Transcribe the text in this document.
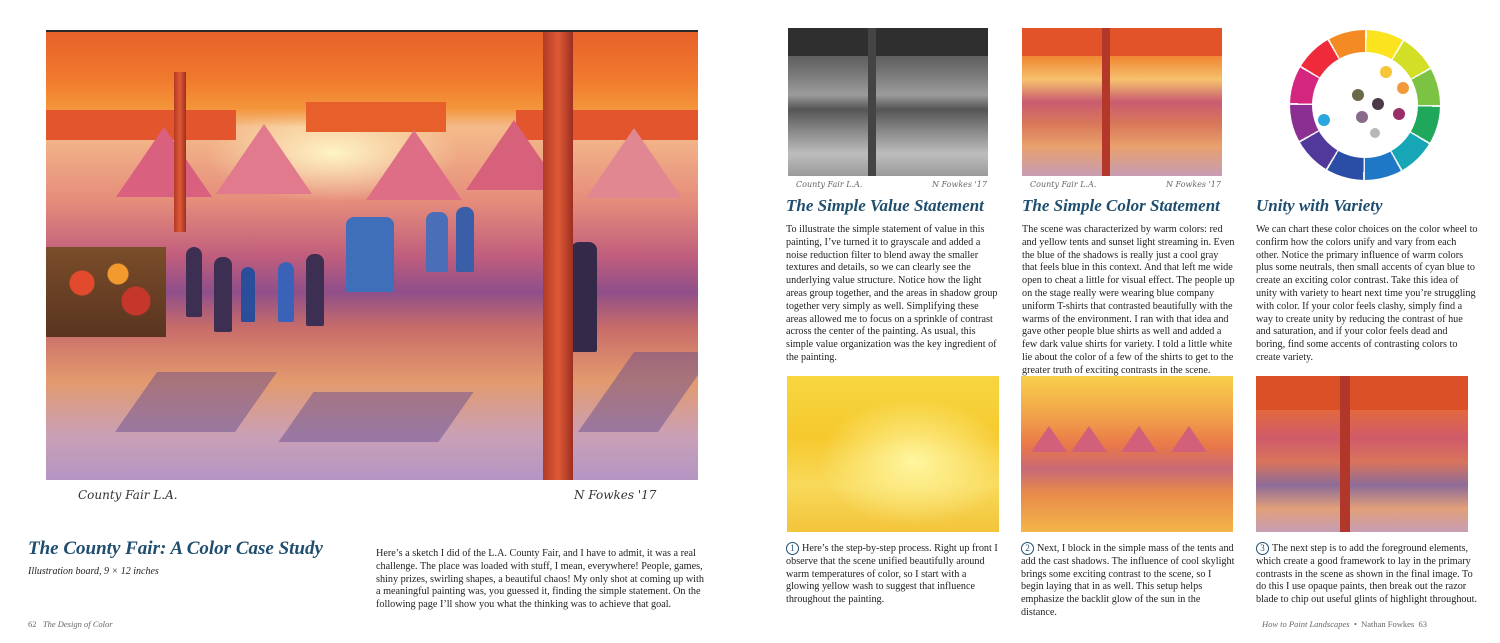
County Fair L.A.	N Fowkes '17
The County Fair: A Color Case Study
Illustration board, 9 × 12 inches
Here’s a sketch I did of the L.A. County Fair, and I have to admit, it was a real challenge. The place was loaded with stuff, I mean, everywhere! People, games, shiny prizes, swirling shapes, a beautiful chaos! My only shot at coming up with a meaningful painting was, you guessed it, finding the simple statement. On the following page I’ll show you what the thinking was to achieve that goal.
62 The Design of Color
County Fair L.A.	N Fowkes '17	County Fair L.A.	N Fowkes '17
The Simple Value Statement The Simple Color Statement Unity with Variety
To illustrate the simple statement of value in this painting, I’ve turned it to grayscale and added a noise reduction filter to blend away the smaller textures and details, so we can clearly see the underlying value structure. Notice how the light areas group together, and the areas in shadow group together very simply as well. Simplifying these areas allowed me to focus on a sprinkle of contrast across the center of the painting. As usual, this simple value organization was the key ingredient of the painting.
The scene was characterized by warm colors: red and yellow tents and sunset light streaming in. Even the blue of the shadows is really just a cool gray that feels blue in this context. And that left me wide open to cheat a little for visual effect. The people up on the stage really were wearing blue company uniform T-shirts that contrasted beautifully with the warms of the environment. I ran with that idea and gave other people blue shirts as well and added a few dark value shirts for variety. I told a little white lie about the color of a few of the shirts to get to the greater truth of exciting contrasts in the scene.
We can chart these color choices on the color wheel to confirm how the colors unify and vary from each other. Notice the primary influence of warm colors plus some neutrals, then small accents of cyan blue to create an exciting color contrast. Take this idea of unity with variety to heart next time you’re struggling with color. If your color feels clashy, simply find a way to create unity by reducing the contrast of hue and saturation, and if your color feels dead and boring, find some accents of contrasting colors to create variety.
1 Here’s the step-by-step process. Right up front I observe that the scene unified beautifully around warm temperatures of color, so I start with a glowing yellow wash to suggest that influence throughout the painting.
2 Next, I block in the simple mass of the tents and add the cast shadows. The influence of cool skylight brings some exciting contrast to the scene, so I begin laying that in as well. This setup helps emphasize the backlit glow of the sun in the distance.
3 The next step is to add the foreground elements, which create a good framework to lay in the primary contrasts in the scene as shown in the final image. To do this I use opaque paints, then break out the razor blade to chip out useful glints of highlight throughout.
How to Paint Landscapes • Nathan Fowkes 63
